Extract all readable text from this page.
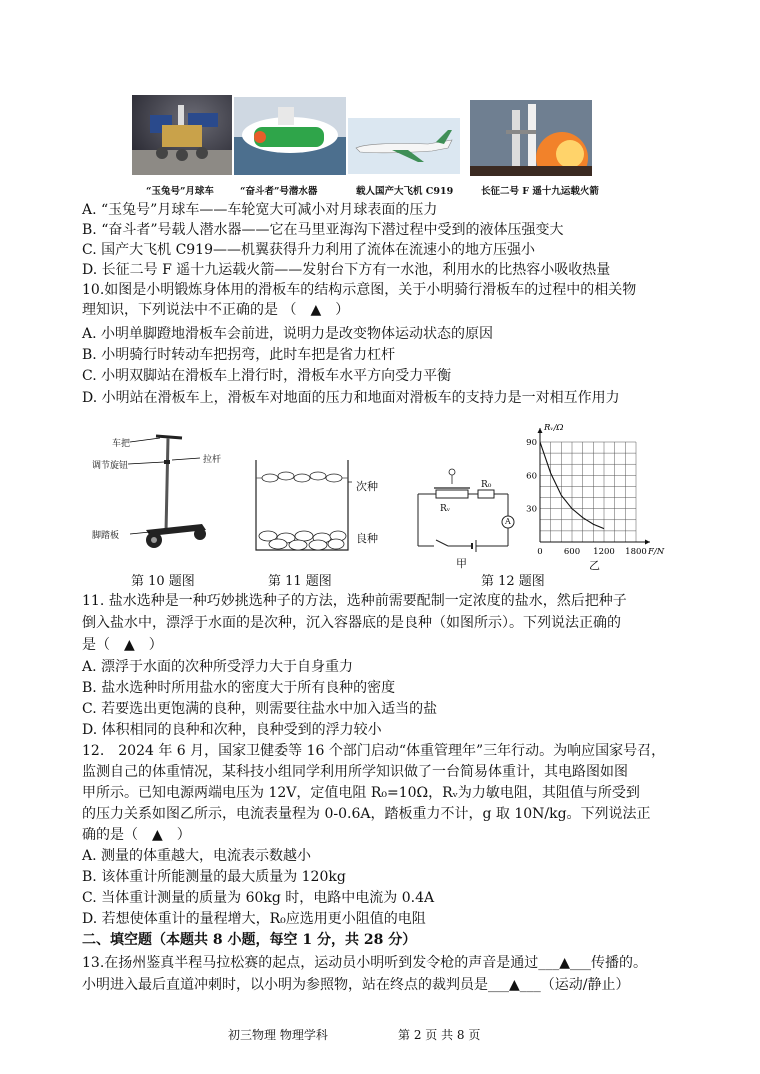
“玉兔号”月球车	“奋斗者”号潜水器	载人国产大飞机 C919	长征二号 F 遥十九运载火箭
A. “玉兔号”月球车——车轮宽大可减小对月球表面的压力
B. “奋斗者”号载人潜水器——它在马里亚海沟下潜过程中受到的液体压强变大
C. 国产大飞机 C919——机翼获得升力利用了流体在流速小的地方压强小
D. 长征二号 F 遥十九运载火箭——发射台下方有一水池，利用水的比热容小吸收热量
10.如图是小明锻炼身体用的滑板车的结构示意图，关于小明骑行滑板车的过程中的相关物
理知识，下列说法中不正确的是 （　▲　）
A. 小明单脚蹬地滑板车会前进，说明力是改变物体运动状态的原因
B. 小明骑行时转动车把拐弯，此时车把是省力杠杆
C. 小明双脚站在滑板车上滑行时，滑板车水平方向受力平衡
D. 小明站在滑板车上，滑板车对地面的压力和地面对滑板车的支持力是一对相互作用力
车把
调节旋钮
拉杆
脚踏板
次种
良种
R₀
Rᵥ
A
甲
0 600 1200 1800
30
60
90
F/N
Rᵥ/Ω
第 10 题图	第 11 题图	第 12 题图
乙
11. 盐水选种是一种巧妙挑选种子的方法，选种前需要配制一定浓度的盐水，然后把种子
倒入盐水中，漂浮于水面的是次种，沉入容器底的是良种（如图所示）。下列说法正确的
是（　▲　）
A. 漂浮于水面的次种所受浮力大于自身重力
B. 盐水选种时所用盐水的密度大于所有良种的密度
C. 若要选出更饱满的良种，则需要往盐水中加入适当的盐
D. 体积相同的良种和次种，良种受到的浮力较小
12.　2024 年 6 月，国家卫健委等 16 个部门启动“体重管理年”三年行动。为响应国家号召，
监测自己的体重情况，某科技小组同学利用所学知识做了一台简易体重计，其电路图如图
甲所示。已知电源两端电压为 12V，定值电阻 R₀=10Ω，Rᵥ为力敏电阻，其阻值与所受到
的压力关系如图乙所示，电流表量程为 0-0.6A，踏板重力不计，g 取 10N/kg。下列说法正
确的是（　▲　）
A. 测量的体重越大，电流表示数越小
B. 该体重计所能测量的最大质量为 120kg
C. 当体重计测量的质量为 60kg 时，电路中电流为 0.4A
D. 若想使体重计的量程增大，R₀应选用更小阻值的电阻
二、填空题（本题共 8 小题，每空 1 分，共 28 分）
13.在扬州鉴真半程马拉松赛的起点，运动员小明听到发令枪的声音是通过___▲___传播的。
小明进入最后直道冲刺时，以小明为参照物，站在终点的裁判员是___▲___（运动/静止）
初三物理 物理学科	第 2 页 共 8 页
